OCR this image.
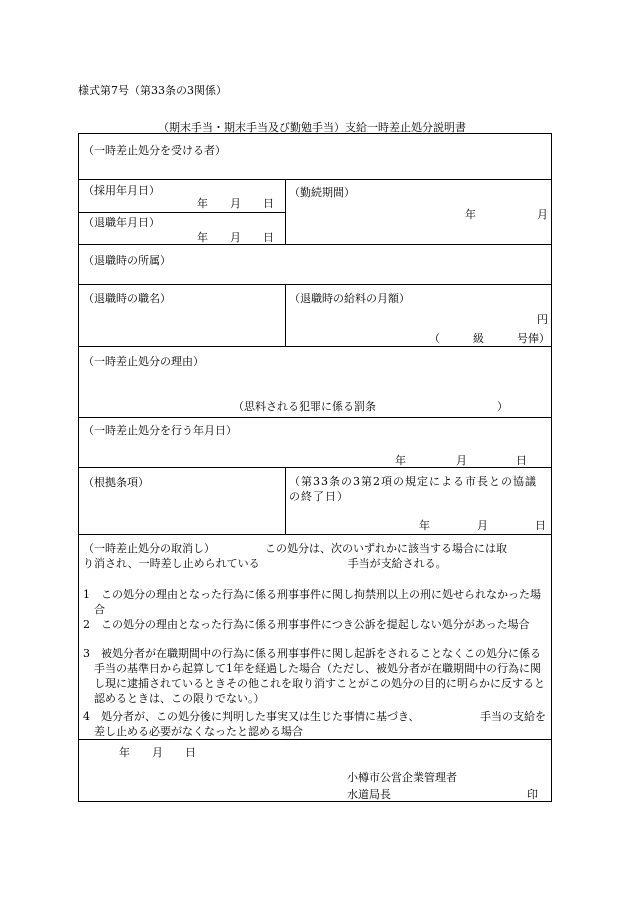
様式第7号（第33条の3関係）
（期末手当・期末手当及び勤勉手当）支給一時差止処分説明書
（一時差止処分を受ける者）
（採用年月日）
年　　月　　日
（退職年月日）
年　　月　　日
（勤続期間）
年	月
（退職時の所属）
（退職時の職名）	（退職時の給料の月額）
円
（　　　級　　　号俸）
（一時差止処分の理由）
（思料される犯罪に係る罰条　　　　　　　　　　　）
（一時差止処分を行う年月日）
年	月	日
（根拠条項）	（第33条の3第2項の規定による市長との協議の終了日）
年	月	日
（一時差止処分の取消し）	この処分は、次のいずれかに該当する場合には取
り消され、一時差し止められている　　　　　　　　手当が支給される。
1　この処分の理由となった行為に係る刑事事件に関し拘禁刑以上の刑に処せられなかった場合
2　この処分の理由となった行為に係る刑事事件につき公訴を提起しない処分があった場合
3　被処分者が在職期間中の行為に係る刑事事件に関し起訴をされることなくこの処分に係る　　　　　手当の基準日から起算して1年を経過した場合（ただし、被処分者が在職期間中の行為に関し現に逮捕されているときその他これを取り消すことがこの処分の目的に明らかに反すると認めるときは、この限りでない。）
4　処分者が、この処分後に判明した事実又は生じた事情に基づき、　　　　　　手当の支給を差し止める必要がなくなったと認める場合
年　　月　　日
小樽市公営企業管理者
水道局長	印
